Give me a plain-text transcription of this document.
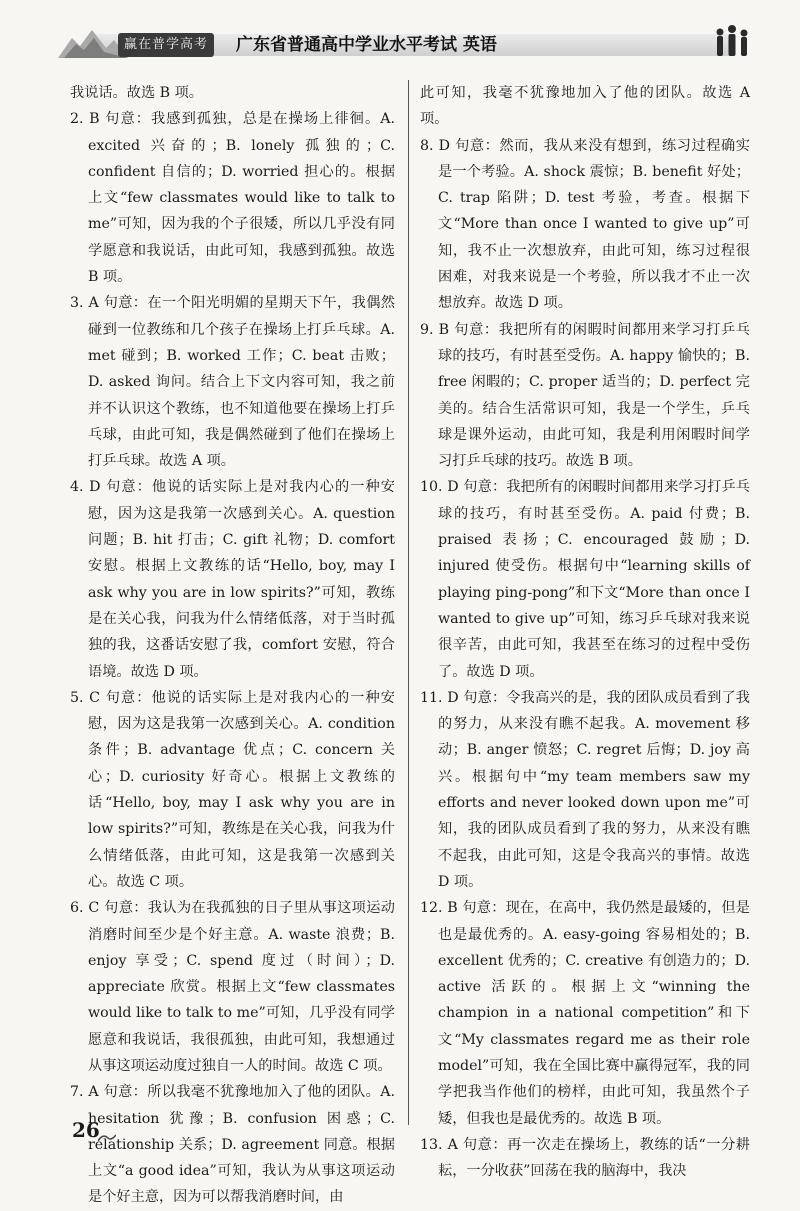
赢在普学高考	广东省普通高中学业水平考试 英语

我说话。故选 B 项。

2. B 句意：我感到孤独，总是在操场上徘徊。A. excited 兴奋的；B. lonely 孤独的；C. confident 自信的；D. worried 担心的。根据上文“few classmates would like to talk to me”可知，因为我的个子很矮，所以几乎没有同学愿意和我说话，由此可知，我感到孤独。故选 B 项。

3. A 句意：在一个阳光明媚的星期天下午，我偶然碰到一位教练和几个孩子在操场上打乒乓球。A. met 碰到；B. worked 工作；C. beat 击败；D. asked 询问。结合上下文内容可知，我之前并不认识这个教练，也不知道他要在操场上打乒乓球，由此可知，我是偶然碰到了他们在操场上打乒乓球。故选 A 项。

4. D 句意：他说的话实际上是对我内心的一种安慰，因为这是我第一次感到关心。A. question 问题；B. hit 打击；C. gift 礼物；D. comfort 安慰。根据上文教练的话“Hello, boy, may I ask why you are in low spirits?”可知，教练是在关心我，问我为什么情绪低落，对于当时孤独的我，这番话安慰了我，comfort 安慰，符合语境。故选 D 项。

5. C 句意：他说的话实际上是对我内心的一种安慰，因为这是我第一次感到关心。A. condition 条件；B. advantage 优点；C. concern 关心；D. curiosity 好奇心。根据上文教练的话“Hello, boy, may I ask why you are in low spirits?”可知，教练是在关心我，问我为什么情绪低落，由此可知，这是我第一次感到关心。故选 C 项。

6. C 句意：我认为在我孤独的日子里从事这项运动消磨时间至少是个好主意。A. waste 浪费；B. enjoy 享受；C. spend 度过（时间）；D. appreciate 欣赏。根据上文“few classmates would like to talk to me”可知，几乎没有同学愿意和我说话，我很孤独，由此可知，我想通过从事这项运动度过独自一人的时间。故选 C 项。

7. A 句意：所以我毫不犹豫地加入了他的团队。A. hesitation 犹豫；B. confusion 困惑；C. relationship 关系；D. agreement 同意。根据上文“a good idea”可知，我认为从事这项运动是个好主意，因为可以帮我消磨时间，由

此可知，我毫不犹豫地加入了他的团队。故选 A 项。

8. D 句意：然而，我从来没有想到，练习过程确实是一个考验。A. shock 震惊；B. benefit 好处；C. trap 陷阱；D. test 考验，考查。根据下文“More than once I wanted to give up”可知，我不止一次想放弃，由此可知，练习过程很困难，对我来说是一个考验，所以我才不止一次想放弃。故选 D 项。

9. B 句意：我把所有的闲暇时间都用来学习打乒乓球的技巧，有时甚至受伤。A. happy 愉快的；B. free 闲暇的；C. proper 适当的；D. perfect 完美的。结合生活常识可知，我是一个学生，乒乓球是课外运动，由此可知，我是利用闲暇时间学习打乒乓球的技巧。故选 B 项。

10. D 句意：我把所有的闲暇时间都用来学习打乒乓球的技巧，有时甚至受伤。A. paid 付费；B. praised 表扬；C. encouraged 鼓励；D. injured 使受伤。根据句中“learning skills of playing ping-pong”和下文“More than once I wanted to give up”可知，练习乒乓球对我来说很辛苦，由此可知，我甚至在练习的过程中受伤了。故选 D 项。

11. D 句意：令我高兴的是，我的团队成员看到了我的努力，从来没有瞧不起我。A. movement 移动；B. anger 愤怒；C. regret 后悔；D. joy 高兴。根据句中“my team members saw my efforts and never looked down upon me”可知，我的团队成员看到了我的努力，从来没有瞧不起我，由此可知，这是令我高兴的事情。故选 D 项。

12. B 句意：现在，在高中，我仍然是最矮的，但是也是最优秀的。A. easy-going 容易相处的；B. excellent 优秀的；C. creative 有创造力的；D. active 活跃的。根据上文“winning the champion in a national competition”和下文“My classmates regard me as their role model”可知，我在全国比赛中赢得冠军，我的同学把我当作他们的榜样，由此可知，我虽然个子矮，但我也是最优秀的。故选 B 项。

13. A 句意：再一次走在操场上，教练的话“一分耕耘，一分收获”回荡在我的脑海中，我决

26
